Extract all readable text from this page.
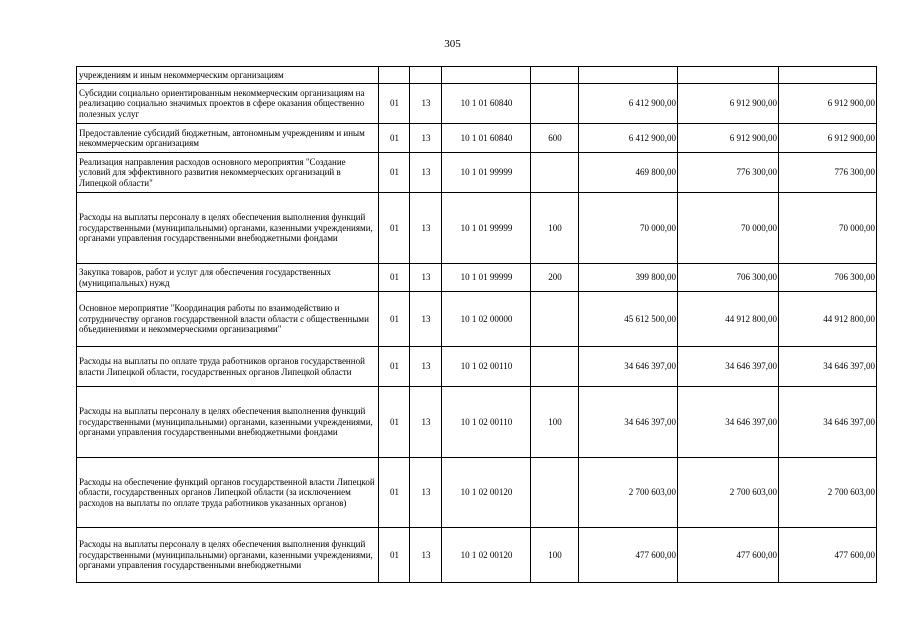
305
учреждениям и иным некоммерческим организациям							
Субсидии социально ориентированным некоммерческим организациям на реализацию социально значимых проектов в сфере оказания общественно полезных услуг	01	13	10 1 01 60840		6 412 900,00	6 912 900,00	6 912 900,00
Предоставление субсидий бюджетным, автономным учреждениям и иным некоммерческим организациям	01	13	10 1 01 60840	600	6 412 900,00	6 912 900,00	6 912 900,00
Реализация направления расходов основного мероприятия "Создание условий для эффективного развития некоммерческих организаций в Липецкой области"	01	13	10 1 01 99999		469 800,00	776 300,00	776 300,00
Расходы на выплаты персоналу в целях обеспечения выполнения функций государственными (муниципальными) органами, казенными учреждениями, органами управления государственными внебюджетными фондами	01	13	10 1 01 99999	100	70 000,00	70 000,00	70 000,00
Закупка товаров, работ и услуг для обеспечения государственных (муниципальных) нужд	01	13	10 1 01 99999	200	399 800,00	706 300,00	706 300,00
Основное мероприятие "Координация работы по взаимодействию и сотрудничеству органов государственной власти области с общественными объединениями и некоммерческими организациями"	01	13	10 1 02 00000		45 612 500,00	44 912 800,00	44 912 800,00
Расходы на выплаты по оплате труда работников органов государственной власти Липецкой области, государственных органов Липецкой области	01	13	10 1 02 00110		34 646 397,00	34 646 397,00	34 646 397,00
Расходы на выплаты персоналу в целях обеспечения выполнения функций государственными (муниципальными) органами, казенными учреждениями, органами управления государственными внебюджетными фондами	01	13	10 1 02 00110	100	34 646 397,00	34 646 397,00	34 646 397,00
Расходы на обеспечение функций органов государственной власти Липецкой области, государственных органов Липецкой области (за исключением расходов на выплаты по оплате труда работников указанных органов)	01	13	10 1 02 00120		2 700 603,00	2 700 603,00	2 700 603,00
Расходы на выплаты персоналу в целях обеспечения выполнения функций государственными (муниципальными) органами, казенными учреждениями, органами управления государственными внебюджетными	01	13	10 1 02 00120	100	477 600,00	477 600,00	477 600,00
